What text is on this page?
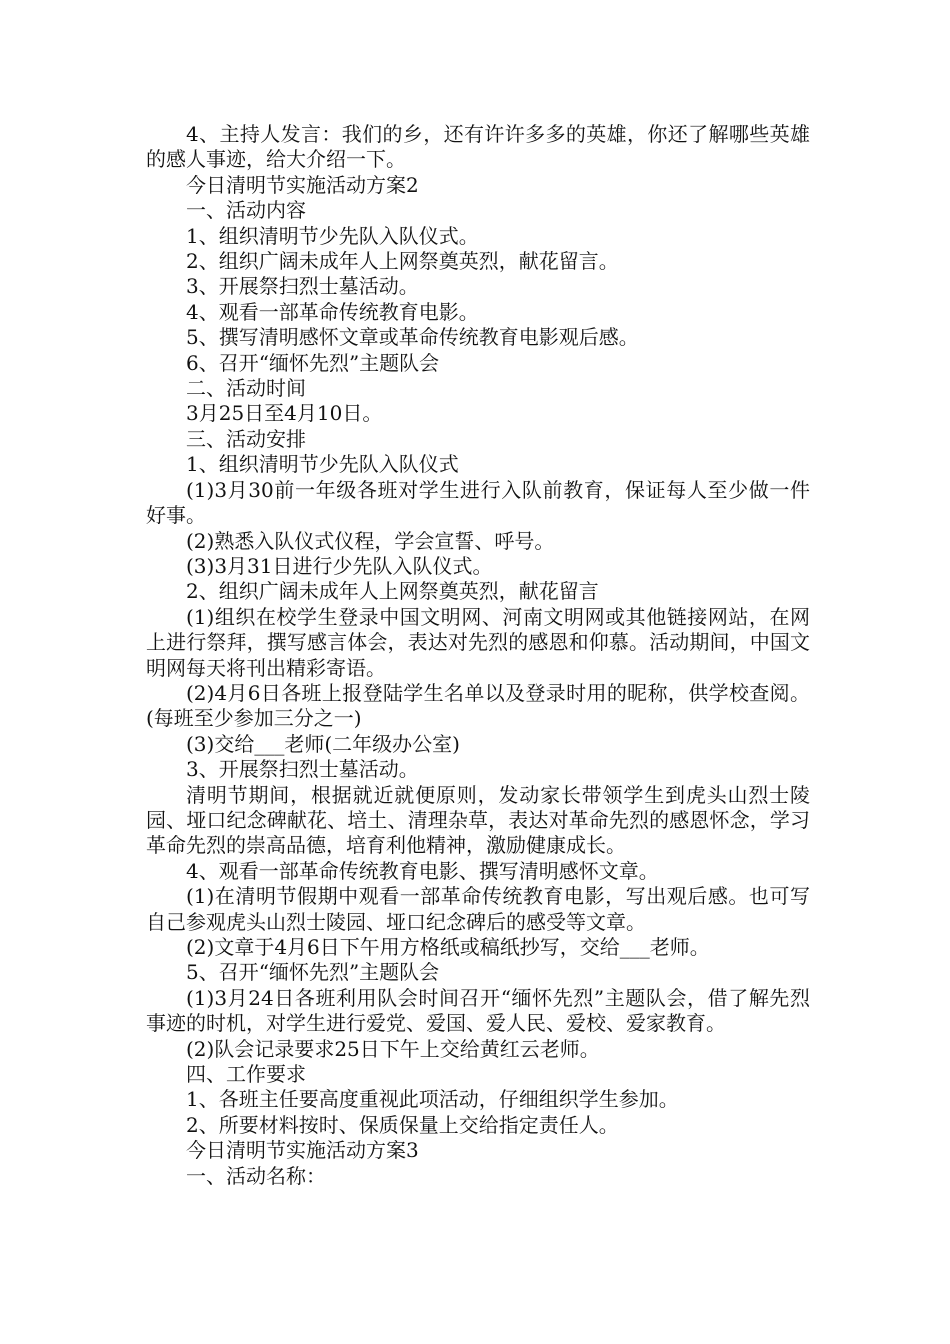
4、主持人发言：我们的乡，还有许许多多的英雄，你还了解哪些英雄的感人事迹，给大介绍一下。

今日清明节实施活动方案2

一、活动内容

1、组织清明节少先队入队仪式。

2、组织广阔未成年人上网祭奠英烈，献花留言。

3、开展祭扫烈士墓活动。

4、观看一部革命传统教育电影。

5、撰写清明感怀文章或革命传统教育电影观后感。

6、召开“缅怀先烈”主题队会

二、活动时间

3月25日至4月10日。

三、活动安排

1、组织清明节少先队入队仪式

(1)3月30前一年级各班对学生进行入队前教育，保证每人至少做一件好事。

(2)熟悉入队仪式仪程，学会宣誓、呼号。

(3)3月31日进行少先队入队仪式。

2、组织广阔未成年人上网祭奠英烈，献花留言

(1)组织在校学生登录中国文明网、河南文明网或其他链接网站，在网上进行祭拜，撰写感言体会，表达对先烈的感恩和仰慕。活动期间，中国文明网每天将刊出精彩寄语。

(2)4月6日各班上报登陆学生名单以及登录时用的昵称，供学校查阅。(每班至少参加三分之一)

(3)交给___老师(二年级办公室)

3、开展祭扫烈士墓活动。

清明节期间，根据就近就便原则，发动家长带领学生到虎头山烈士陵园、垭口纪念碑献花、培土、清理杂草，表达对革命先烈的感恩怀念，学习革命先烈的崇高品德，培育利他精神，激励健康成长。

4、观看一部革命传统教育电影、撰写清明感怀文章。

(1)在清明节假期中观看一部革命传统教育电影，写出观后感。也可写自己参观虎头山烈士陵园、垭口纪念碑后的感受等文章。

(2)文章于4月6日下午用方格纸或稿纸抄写，交给___老师。

5、召开“缅怀先烈”主题队会

(1)3月24日各班利用队会时间召开“缅怀先烈”主题队会，借了解先烈事迹的时机，对学生进行爱党、爱国、爱人民、爱校、爱家教育。

(2)队会记录要求25日下午上交给黄红云老师。

四、工作要求

1、各班主任要高度重视此项活动，仔细组织学生参加。

2、所要材料按时、保质保量上交给指定责任人。

今日清明节实施活动方案3

一、活动名称：
